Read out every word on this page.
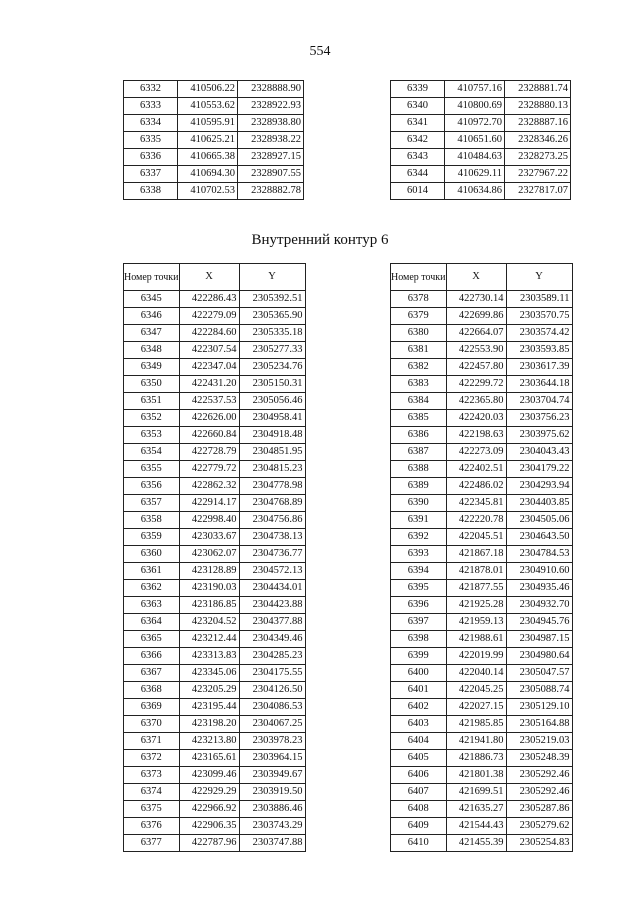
554
6332	410506.22	2328888.90
6333	410553.62	2328922.93
6334	410595.91	2328938.80
6335	410625.21	2328938.22
6336	410665.38	2328927.15
6337	410694.30	2328907.55
6338	410702.53	2328882.78
6339	410757.16	2328881.74
6340	410800.69	2328880.13
6341	410972.70	2328887.16
6342	410651.60	2328346.26
6343	410484.63	2328273.25
6344	410629.11	2327967.22
6014	410634.86	2327817.07
Внутренний контур 6
Номер точки	X	Y
6345	422286.43	2305392.51
6346	422279.09	2305365.90
6347	422284.60	2305335.18
6348	422307.54	2305277.33
6349	422347.04	2305234.76
6350	422431.20	2305150.31
6351	422537.53	2305056.46
6352	422626.00	2304958.41
6353	422660.84	2304918.48
6354	422728.79	2304851.95
6355	422779.72	2304815.23
6356	422862.32	2304778.98
6357	422914.17	2304768.89
6358	422998.40	2304756.86
6359	423033.67	2304738.13
6360	423062.07	2304736.77
6361	423128.89	2304572.13
6362	423190.03	2304434.01
6363	423186.85	2304423.88
6364	423204.52	2304377.88
6365	423212.44	2304349.46
6366	423313.83	2304285.23
6367	423345.06	2304175.55
6368	423205.29	2304126.50
6369	423195.44	2304086.53
6370	423198.20	2304067.25
6371	423213.80	2303978.23
6372	423165.61	2303964.15
6373	423099.46	2303949.67
6374	422929.29	2303919.50
6375	422966.92	2303886.46
6376	422906.35	2303743.29
6377	422787.96	2303747.88
Номер точки	X	Y
6378	422730.14	2303589.11
6379	422699.86	2303570.75
6380	422664.07	2303574.42
6381	422553.90	2303593.85
6382	422457.80	2303617.39
6383	422299.72	2303644.18
6384	422365.80	2303704.74
6385	422420.03	2303756.23
6386	422198.63	2303975.62
6387	422273.09	2304043.43
6388	422402.51	2304179.22
6389	422486.02	2304293.94
6390	422345.81	2304403.85
6391	422220.78	2304505.06
6392	422045.51	2304643.50
6393	421867.18	2304784.53
6394	421878.01	2304910.60
6395	421877.55	2304935.46
6396	421925.28	2304932.70
6397	421959.13	2304945.76
6398	421988.61	2304987.15
6399	422019.99	2304980.64
6400	422040.14	2305047.57
6401	422045.25	2305088.74
6402	422027.15	2305129.10
6403	421985.85	2305164.88
6404	421941.80	2305219.03
6405	421886.73	2305248.39
6406	421801.38	2305292.46
6407	421699.51	2305292.46
6408	421635.27	2305287.86
6409	421544.43	2305279.62
6410	421455.39	2305254.83
